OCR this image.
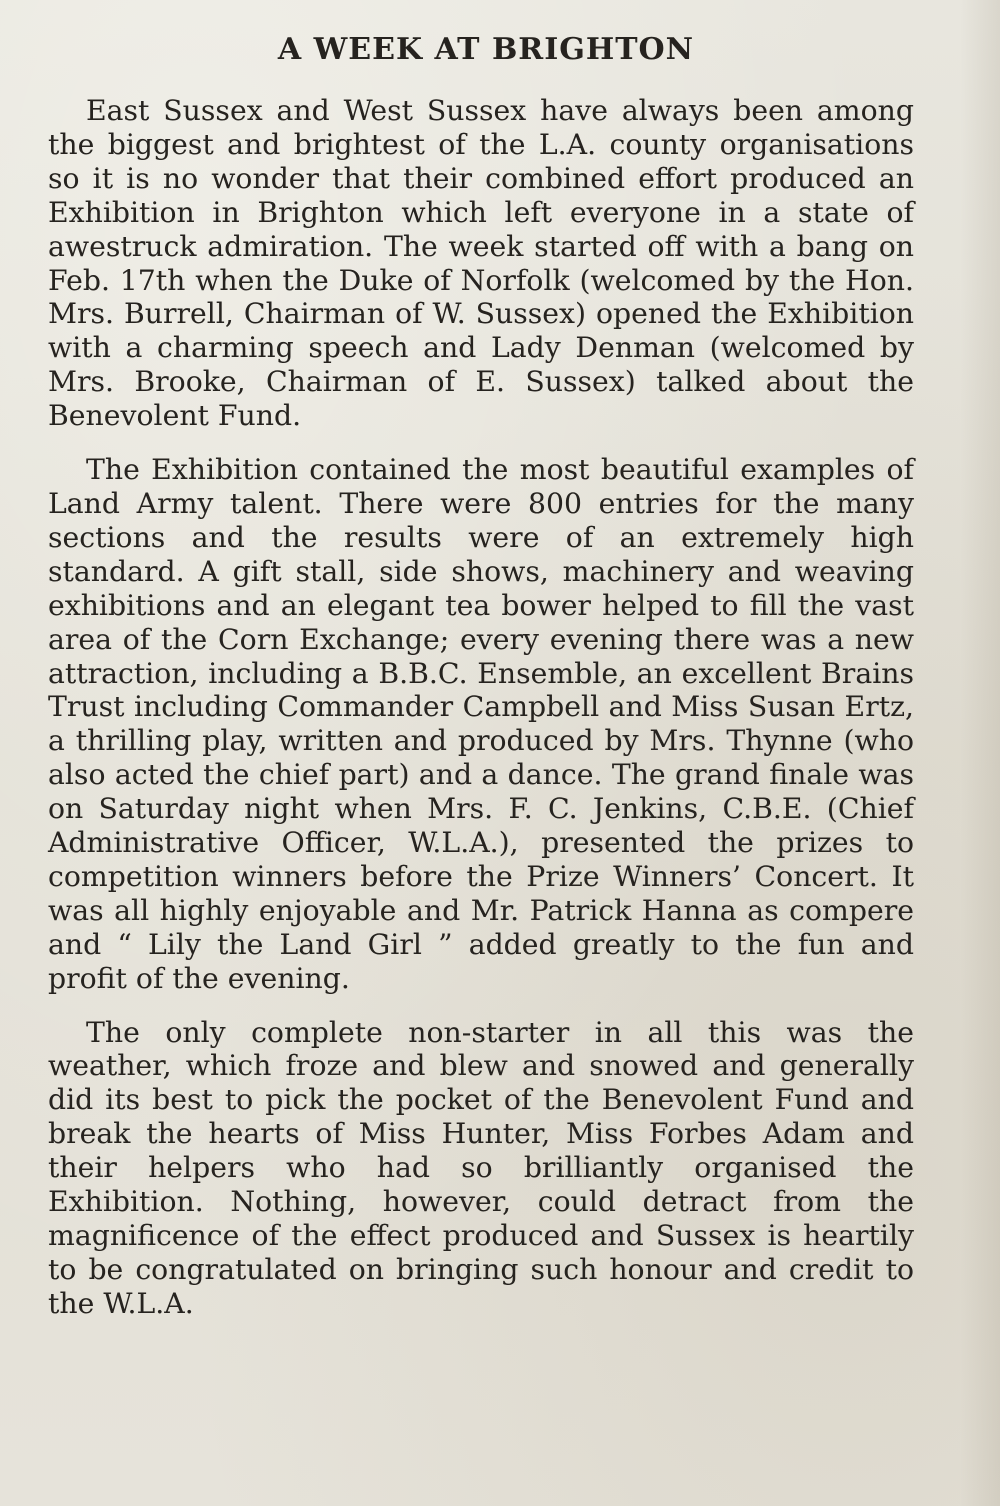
A WEEK AT BRIGHTON

East Sussex and West Sussex have always been among the biggest and brightest of the L.A. county organisations so it is no wonder that their combined effort produced an Exhibition in Brighton which left everyone in a state of awestruck admiration. The week started off with a bang on Feb. 17th when the Duke of Norfolk (welcomed by the Hon. Mrs. Burrell, Chairman of W. Sussex) opened the Exhibition with a charming speech and Lady Denman (welcomed by Mrs. Brooke, Chairman of E. Sussex) talked about the Benevolent Fund.

The Exhibition contained the most beautiful examples of Land Army talent. There were 800 entries for the many sections and the results were of an extremely high standard. A gift stall, side shows, machinery and weaving exhibitions and an elegant tea bower helped to fill the vast area of the Corn Exchange; every evening there was a new attraction, including a B.B.C. Ensemble, an excellent Brains Trust including Commander Campbell and Miss Susan Ertz, a thrilling play, written and produced by Mrs. Thynne (who also acted the chief part) and a dance. The grand finale was on Saturday night when Mrs. F. C. Jenkins, C.B.E. (Chief Administrative Officer, W.L.A.), presented the prizes to competition winners before the Prize Winners’ Concert. It was all highly enjoyable and Mr. Patrick Hanna as compere and “ Lily the Land Girl ” added greatly to the fun and profit of the evening.

The only complete non-starter in all this was the weather, which froze and blew and snowed and generally did its best to pick the pocket of the Benevolent Fund and break the hearts of Miss Hunter, Miss Forbes Adam and their helpers who had so brilliantly organised the Exhibition. Nothing, however, could detract from the magnificence of the effect produced and Sussex is heartily to be congratulated on bringing such honour and credit to the W.L.A.
